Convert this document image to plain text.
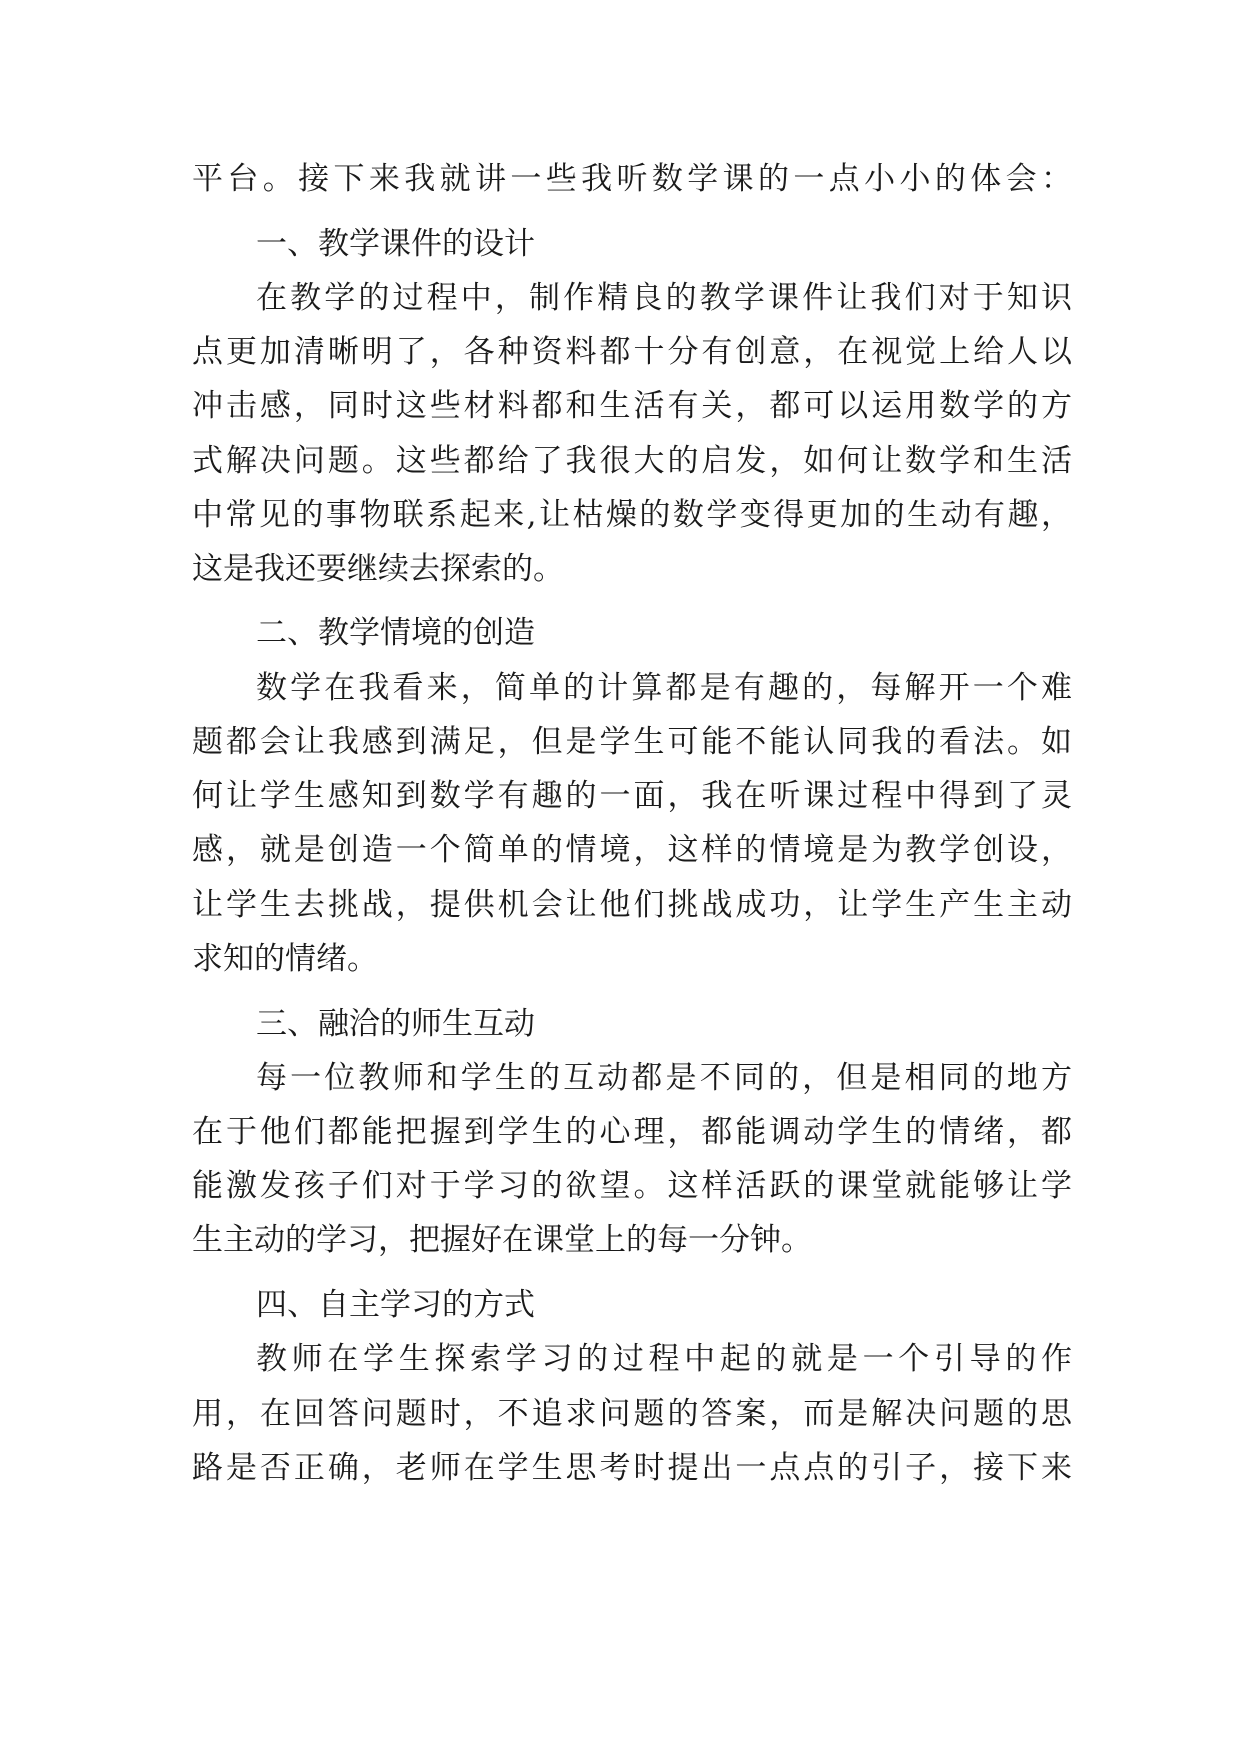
平台。接下来我就讲一些我听数学课的一点小小的体会：
一、教学课件的设计
在教学的过程中，制作精良的教学课件让我们对于知识
点更加清晰明了，各种资料都十分有创意，在视觉上给人以
冲击感，同时这些材料都和生活有关，都可以运用数学的方
式解决问题。这些都给了我很大的启发，如何让数学和生活
中常见的事物联系起来,让枯燥的数学变得更加的生动有趣，
这是我还要继续去探索的。
二、教学情境的创造
数学在我看来，简单的计算都是有趣的，每解开一个难
题都会让我感到满足，但是学生可能不能认同我的看法。如
何让学生感知到数学有趣的一面，我在听课过程中得到了灵
感，就是创造一个简单的情境，这样的情境是为教学创设，
让学生去挑战，提供机会让他们挑战成功，让学生产生主动
求知的情绪。
三、融洽的师生互动
每一位教师和学生的互动都是不同的，但是相同的地方
在于他们都能把握到学生的心理，都能调动学生的情绪，都
能激发孩子们对于学习的欲望。这样活跃的课堂就能够让学
生主动的学习，把握好在课堂上的每一分钟。
四、自主学习的方式
教师在学生探索学习的过程中起的就是一个引导的作
用，在回答问题时，不追求问题的答案，而是解决问题的思
路是否正确，老师在学生思考时提出一点点的引子，接下来
